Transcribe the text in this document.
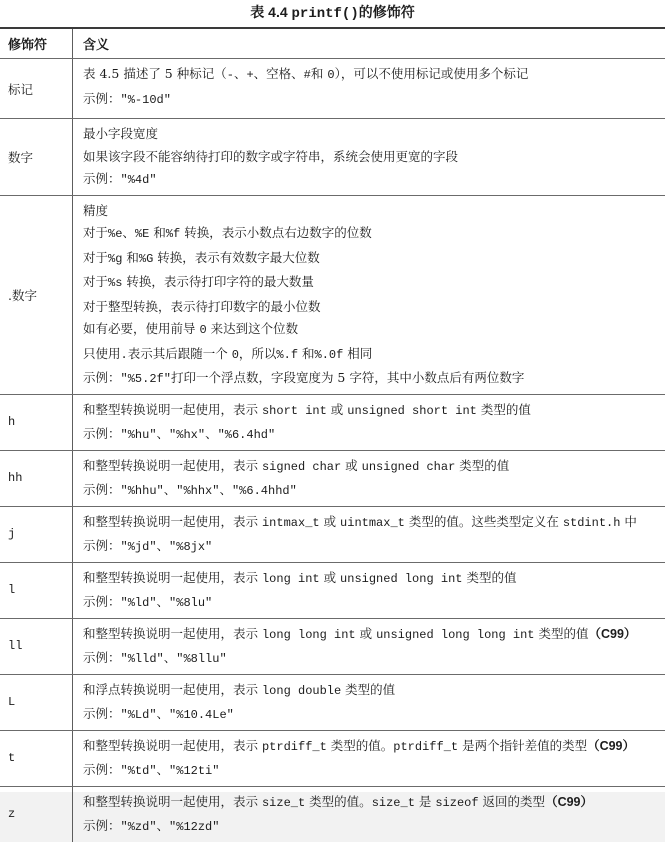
表 4.4 printf()的修饰符
修饰符	含义
标记
表 4.5 描述了 5 种标记（-、+、空格、#和 0），可以不使用标记或使用多个标记
示例："%-10d"
数字
最小字段宽度
如果该字段不能容纳待打印的数字或字符串，系统会使用更宽的字段
示例："%4d"
.数字
精度
对于%e、%E 和%f 转换，表示小数点右边数字的位数
对于%g 和%G 转换，表示有效数字最大位数
对于%s 转换，表示待打印字符的最大数量
对于整型转换，表示待打印数字的最小位数
如有必要，使用前导 0 来达到这个位数
只使用.表示其后跟随一个 0，所以%.f 和%.0f 相同
示例："%5.2f"打印一个浮点数，字段宽度为 5 字符，其中小数点后有两位数字
h
和整型转换说明一起使用，表示 short int 或 unsigned short int 类型的值
示例："%hu"、"%hx"、"%6.4hd"
hh
和整型转换说明一起使用，表示 signed char 或 unsigned char 类型的值
示例："%hhu"、"%hhx"、"%6.4hhd"
j
和整型转换说明一起使用，表示 intmax_t 或 uintmax_t 类型的值。这些类型定义在 stdint.h 中
示例："%jd"、"%8jx"
l
和整型转换说明一起使用，表示 long int 或 unsigned long int 类型的值
示例："%ld"、"%8lu"
ll
和整型转换说明一起使用，表示 long long int 或 unsigned long long int 类型的值（C99）
示例："%lld"、"%8llu"
L
和浮点转换说明一起使用，表示 long double 类型的值
示例："%Ld"、"%10.4Le"
t
和整型转换说明一起使用，表示 ptrdiff_t 类型的值。ptrdiff_t 是两个指针差值的类型（C99）
示例："%td"、"%12ti"
z
和整型转换说明一起使用，表示 size_t 类型的值。size_t 是 sizeof 返回的类型（C99）
示例："%zd"、"%12zd"
